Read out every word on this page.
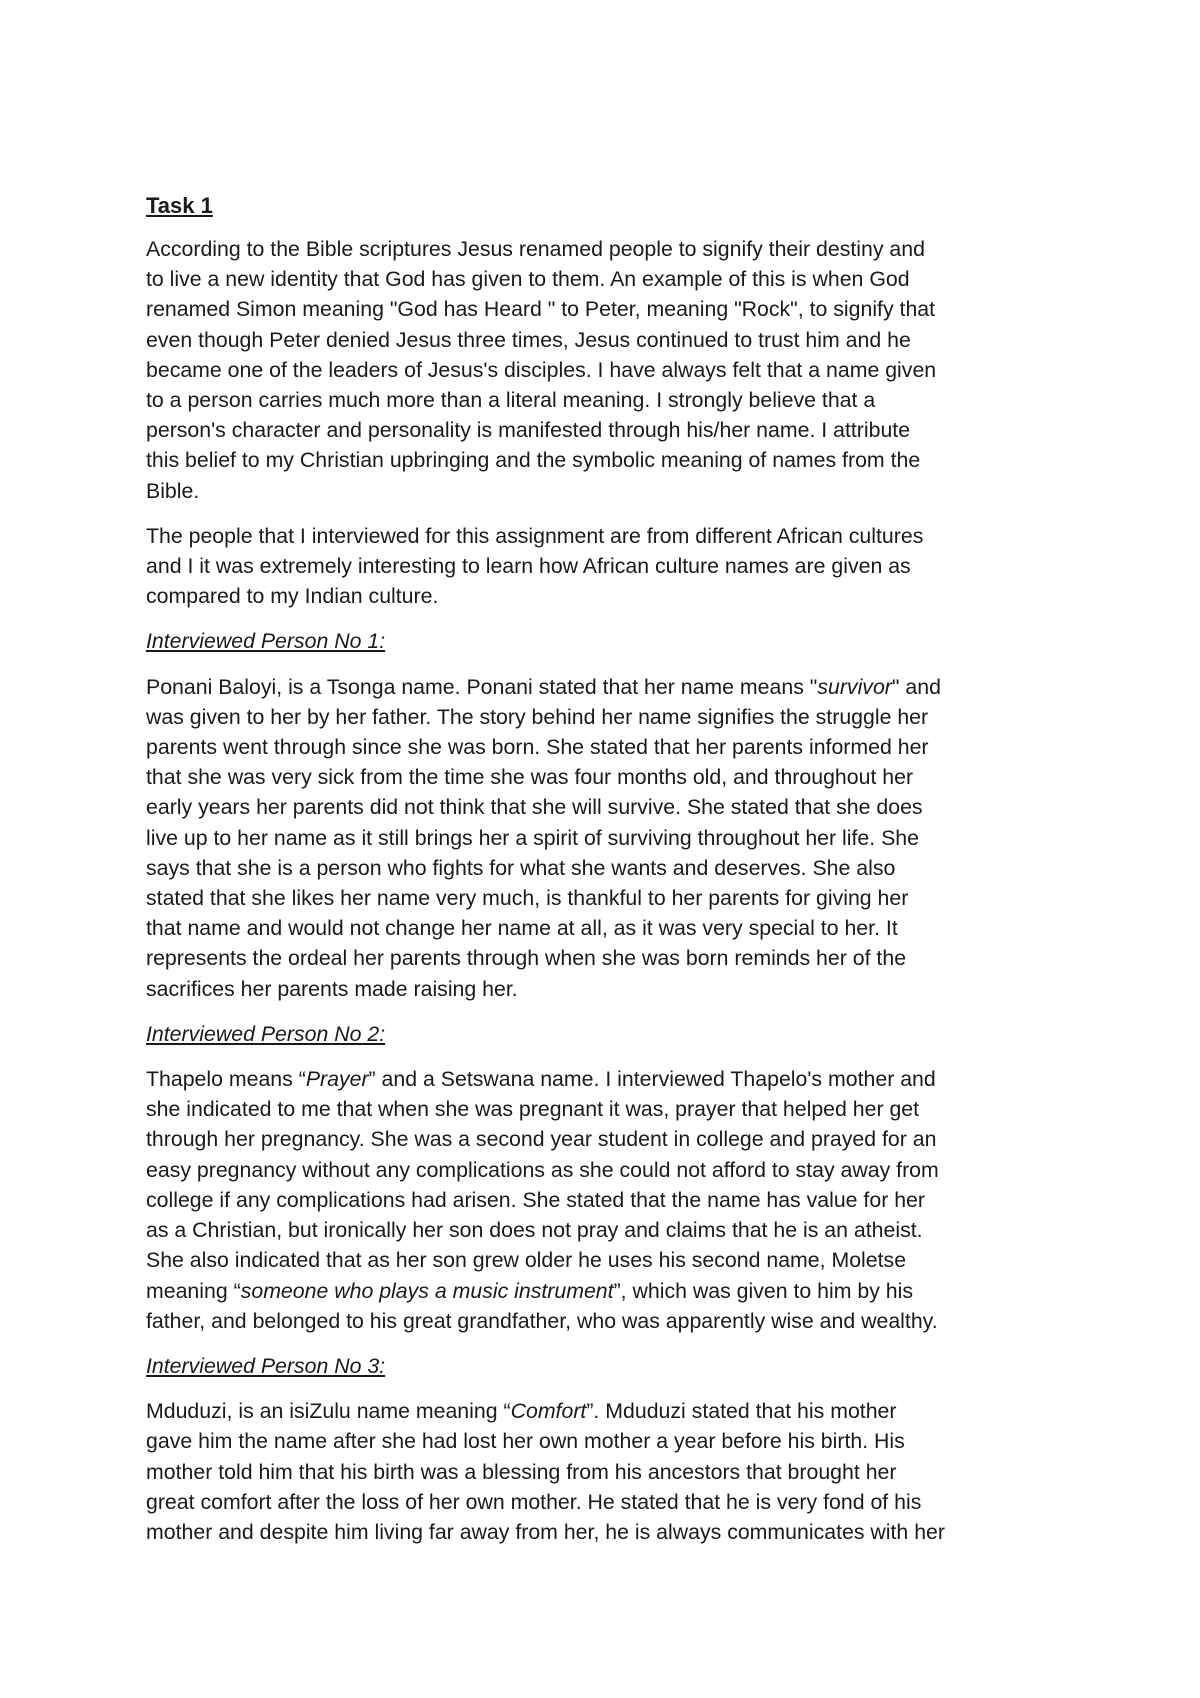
Task 1
According to the Bible scriptures Jesus renamed people to signify their destiny and
to live a new identity that God has given to them. An example of this is when God
renamed Simon meaning "God has Heard " to Peter, meaning "Rock", to signify that
even though Peter denied Jesus three times, Jesus continued to trust him and he
became one of the leaders of Jesus's disciples. I have always felt that a name given
to a person carries much more than a literal meaning. I strongly believe that a
person's character and personality is manifested through his/her name. I attribute
this belief to my Christian upbringing and the symbolic meaning of names from the
Bible.
The people that I interviewed for this assignment are from different African cultures
and I it was extremely interesting to learn how African culture names are given as
compared to my Indian culture.
Interviewed Person No 1:
Ponani Baloyi, is a Tsonga name. Ponani stated that her name means "survivor" and
was given to her by her father. The story behind her name signifies the struggle her
parents went through since she was born. She stated that her parents informed her
that she was very sick from the time she was four months old, and throughout her
early years her parents did not think that she will survive. She stated that she does
live up to her name as it still brings her a spirit of surviving throughout her life. She
says that she is a person who fights for what she wants and deserves. She also
stated that she likes her name very much, is thankful to her parents for giving her
that name and would not change her name at all, as it was very special to her. It
represents the ordeal her parents through when she was born reminds her of the
sacrifices her parents made raising her.
Interviewed Person No 2:
Thapelo means “Prayer” and a Setswana name. I interviewed Thapelo's mother and
she indicated to me that when she was pregnant it was, prayer that helped her get
through her pregnancy. She was a second year student in college and prayed for an
easy pregnancy without any complications as she could not afford to stay away from
college if any complications had arisen. She stated that the name has value for her
as a Christian, but ironically her son does not pray and claims that he is an atheist.
She also indicated that as her son grew older he uses his second name, Moletse
meaning “someone who plays a music instrument”, which was given to him by his
father, and belonged to his great grandfather, who was apparently wise and wealthy.
Interviewed Person No 3:
Mduduzi, is an isiZulu name meaning “Comfort”. Mduduzi stated that his mother
gave him the name after she had lost her own mother a year before his birth. His
mother told him that his birth was a blessing from his ancestors that brought her
great comfort after the loss of her own mother. He stated that he is very fond of his
mother and despite him living far away from her, he is always communicates with her
